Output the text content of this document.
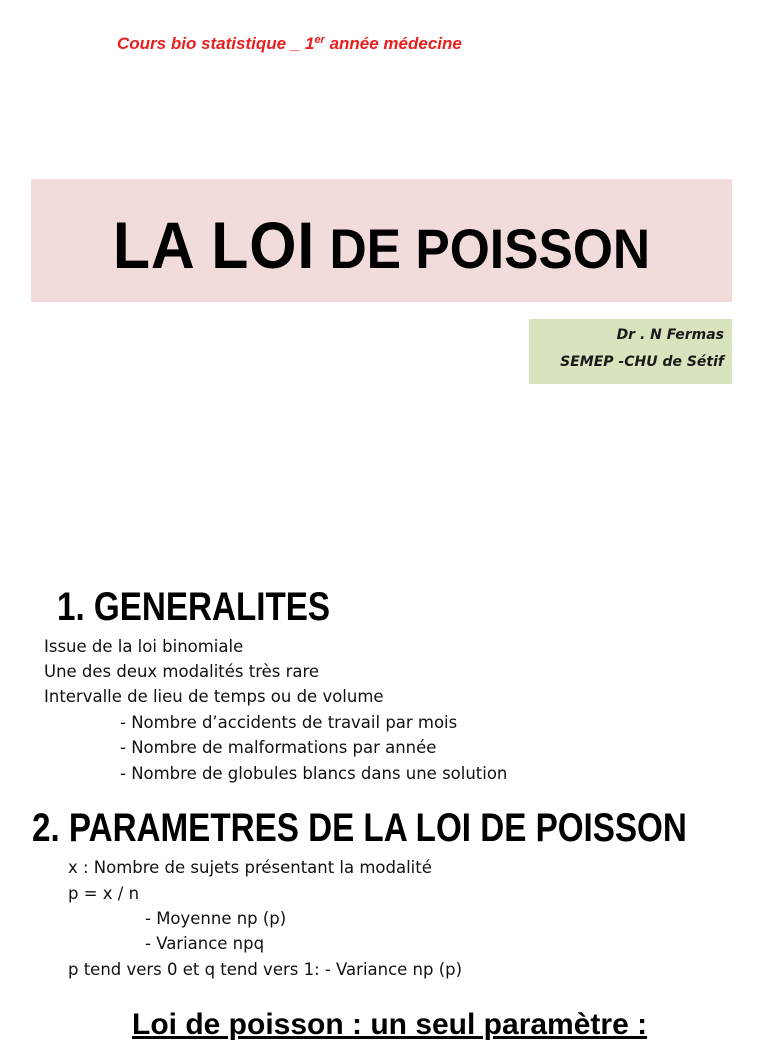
Cours bio statistique _ 1er année médecine
LA LOI DE POISSON
Dr . N Fermas
SEMEP -CHU de Sétif
1. GENERALITES
Issue de la loi binomiale
Une des deux modalités très rare
Intervalle de lieu de temps ou de volume
- Nombre d’accidents de travail par mois
- Nombre de malformations par année
- Nombre de globules blancs dans une solution
2. PARAMETRES DE LA LOI DE POISSON
x : Nombre de sujets présentant la modalité
p = x / n
- Moyenne np (p)
- Variance npq
p tend vers 0 et q tend vers 1: - Variance np (p)
Loi de poisson : un seul paramètre :
